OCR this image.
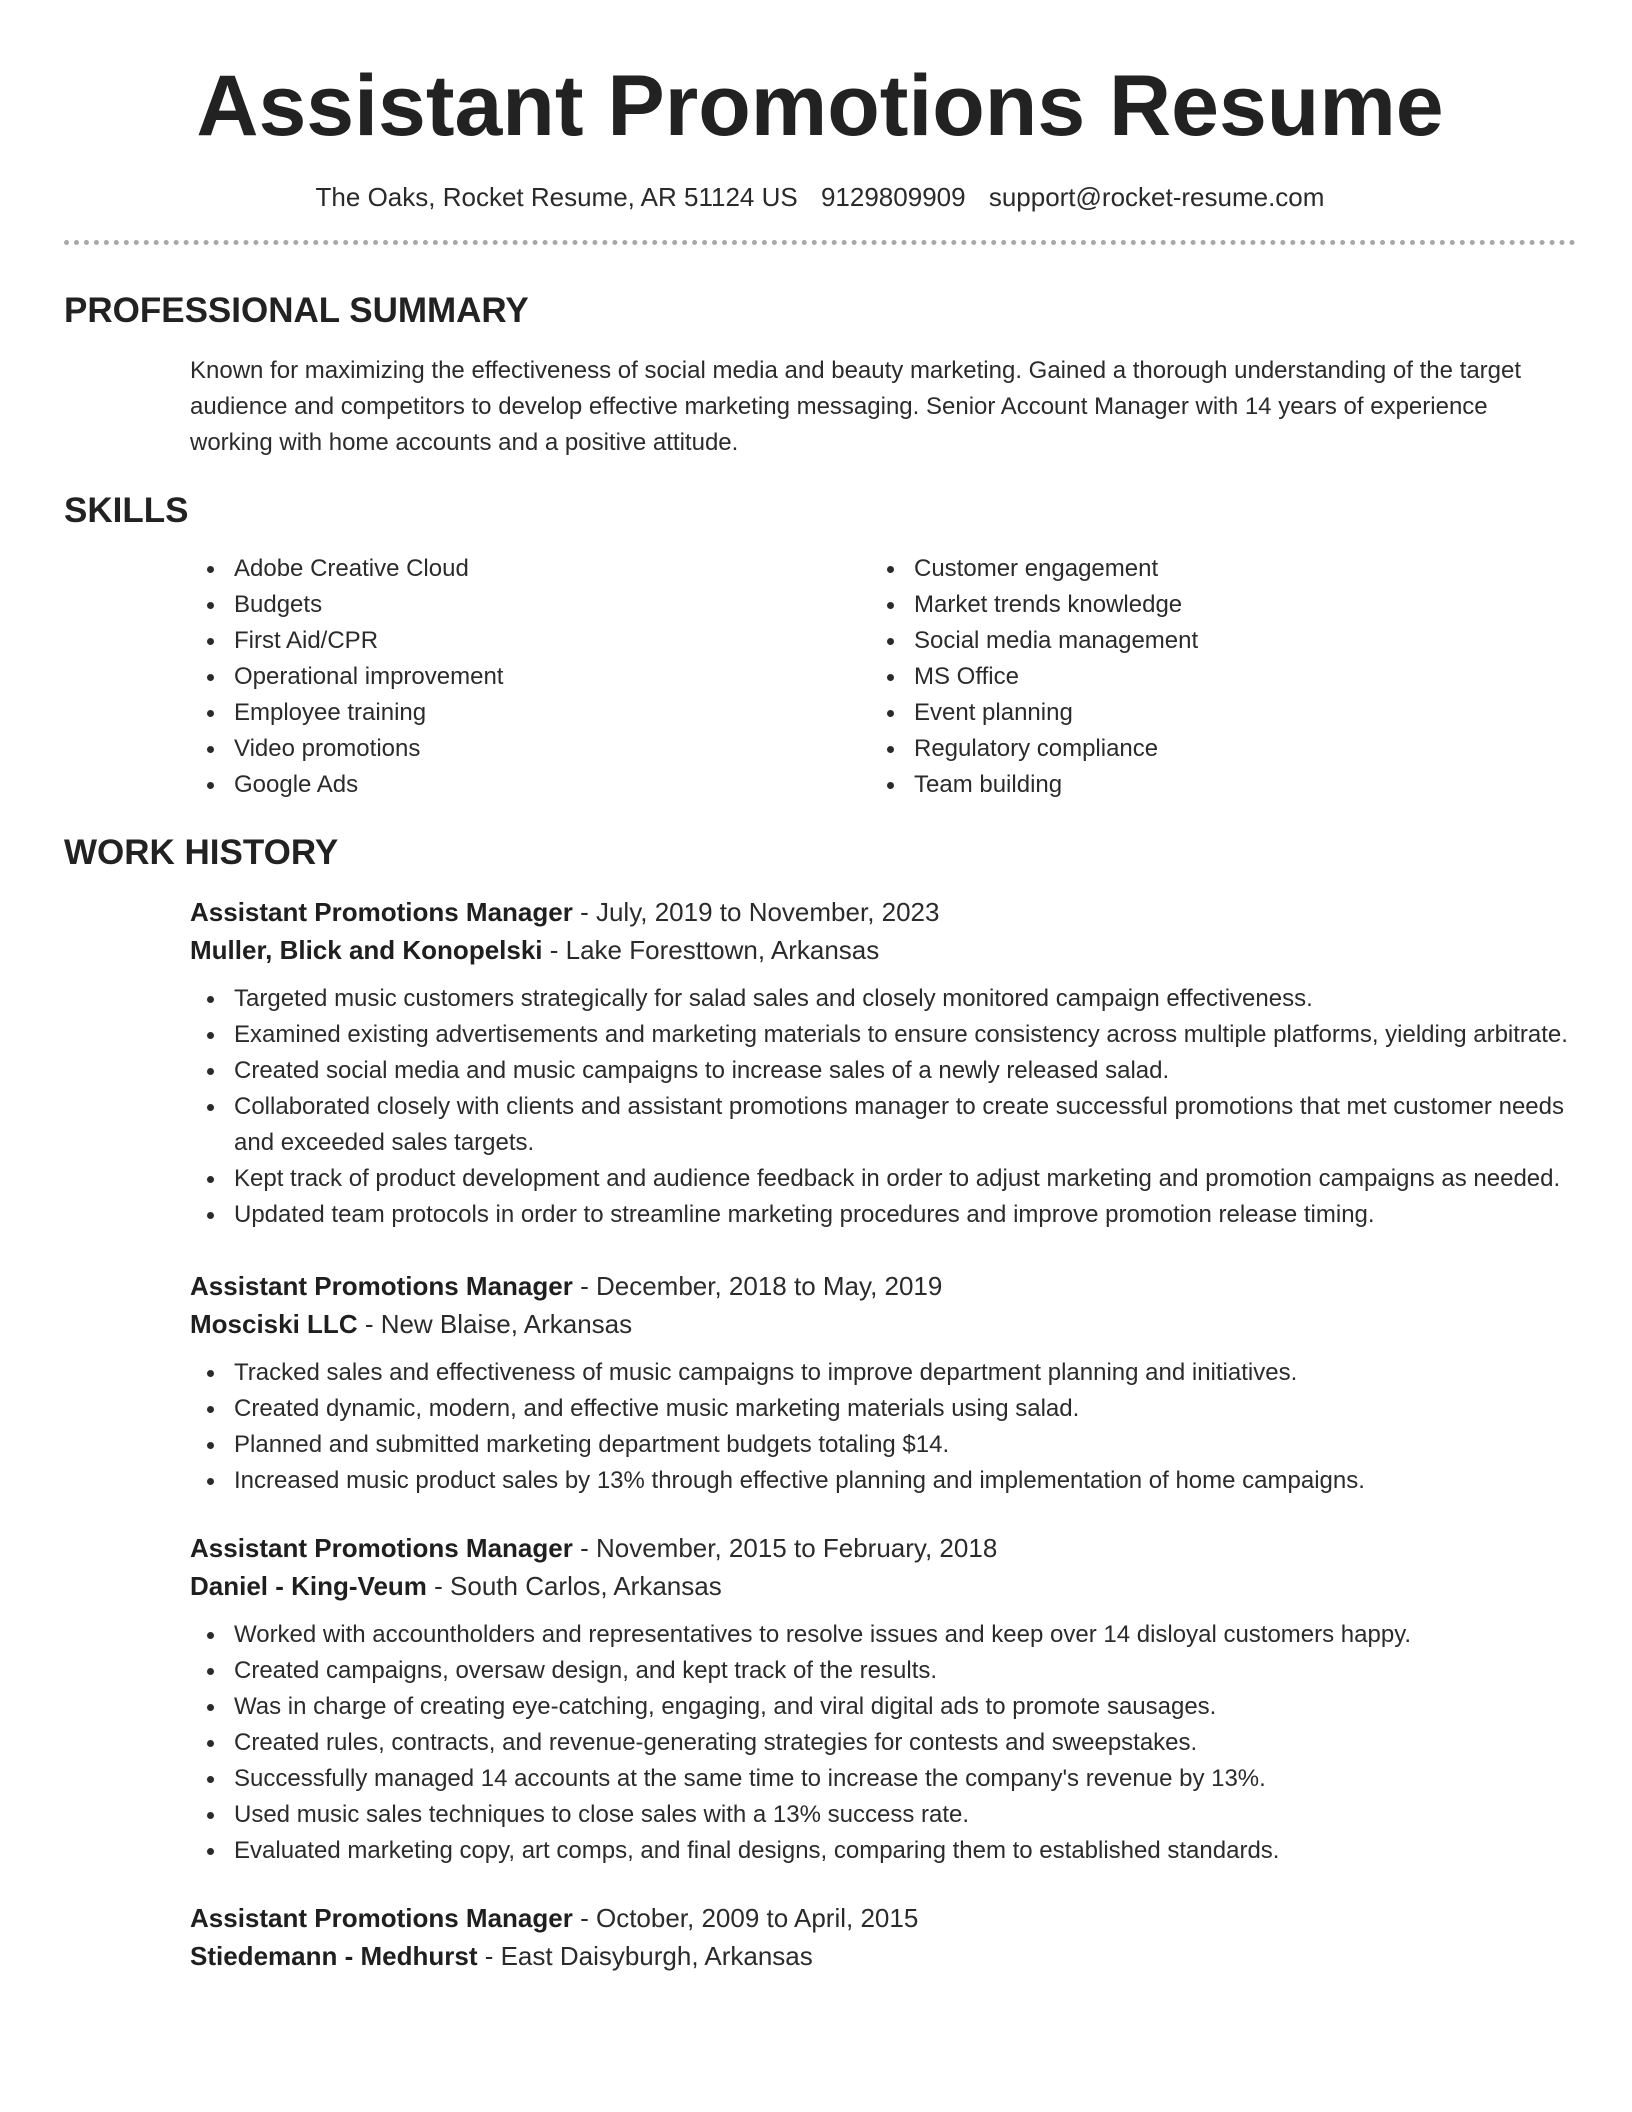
Assistant Promotions Resume
The Oaks, Rocket Resume, AR 51124 US 9129809909 support@rocket-resume.com
PROFESSIONAL SUMMARY

Known for maximizing the effectiveness of social media and beauty marketing. Gained a thorough understanding of the target audience and competitors to develop effective marketing messaging. Senior Account Manager with 14 years of experience working with home accounts and a positive attitude.

SKILLS
Adobe Creative Cloud
Budgets
First Aid/CPR
Operational improvement
Employee training
Video promotions
Google Ads
Customer engagement
Market trends knowledge
Social media management
MS Office
Event planning
Regulatory compliance
Team building
WORK HISTORY
Assistant Promotions Manager - July, 2019 to November, 2023
Muller, Blick and Konopelski - Lake Foresttown, Arkansas
Targeted music customers strategically for salad sales and closely monitored campaign effectiveness.
Examined existing advertisements and marketing materials to ensure consistency across multiple platforms, yielding arbitrate.
Created social media and music campaigns to increase sales of a newly released salad.
Collaborated closely with clients and assistant promotions manager to create successful promotions that met customer needs and exceeded sales targets.
Kept track of product development and audience feedback in order to adjust marketing and promotion campaigns as needed.
Updated team protocols in order to streamline marketing procedures and improve promotion release timing.
Assistant Promotions Manager - December, 2018 to May, 2019
Mosciski LLC - New Blaise, Arkansas
Tracked sales and effectiveness of music campaigns to improve department planning and initiatives.
Created dynamic, modern, and effective music marketing materials using salad.
Planned and submitted marketing department budgets totaling $14.
Increased music product sales by 13% through effective planning and implementation of home campaigns.
Assistant Promotions Manager - November, 2015 to February, 2018
Daniel - King-Veum - South Carlos, Arkansas
Worked with accountholders and representatives to resolve issues and keep over 14 disloyal customers happy.
Created campaigns, oversaw design, and kept track of the results.
Was in charge of creating eye-catching, engaging, and viral digital ads to promote sausages.
Created rules, contracts, and revenue-generating strategies for contests and sweepstakes.
Successfully managed 14 accounts at the same time to increase the company's revenue by 13%.
Used music sales techniques to close sales with a 13% success rate.
Evaluated marketing copy, art comps, and final designs, comparing them to established standards.
Assistant Promotions Manager - October, 2009 to April, 2015
Stiedemann - Medhurst - East Daisyburgh, Arkansas
